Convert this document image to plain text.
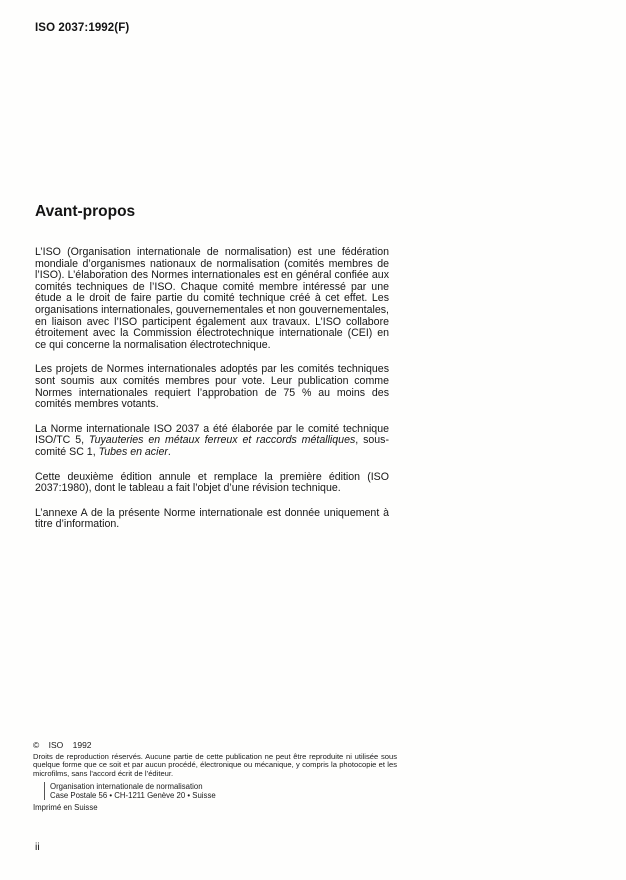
ISO 2037:1992(F)
Avant-propos

L’ISO (Organisation internationale de normalisation) est une fédération mondiale d’organismes nationaux de normalisation (comités membres de l’ISO). L’élaboration des Normes internationales est en général confiée aux comités techniques de l’ISO. Chaque comité membre intéressé par une étude a le droit de faire partie du comité technique créé à cet effet. Les organisations internationales, gouvernementales et non gouvernementales, en liaison avec l’ISO participent également aux travaux. L’ISO collabore étroitement avec la Commission électrotechnique internationale (CEI) en ce qui concerne la normalisation électrotechnique.

Les projets de Normes internationales adoptés par les comités techniques sont soumis aux comités membres pour vote. Leur publication comme Normes internationales requiert l’approbation de 75 % au moins des comités membres votants.

La Norme internationale ISO 2037 a été élaborée par le comité technique ISO/TC 5, Tuyauteries en métaux ferreux et raccords métalliques, sous-comité SC 1, Tubes en acier.

Cette deuxième édition annule et remplace la première édition (ISO 2037:1980), dont le tableau a fait l’objet d’une révision technique.

L’annexe A de la présente Norme internationale est donnée uniquement à titre d’information.

© ISO 1992
Droits de reproduction réservés. Aucune partie de cette publication ne peut être reproduite ni utilisée sous quelque forme que ce soit et par aucun procédé, électronique ou mécanique, y compris la photocopie et les microfilms, sans l’accord écrit de l’éditeur.
Organisation internationale de normalisation
Case Postale 56 • CH-1211 Genève 20 • Suisse
Imprimé en Suisse
ii
